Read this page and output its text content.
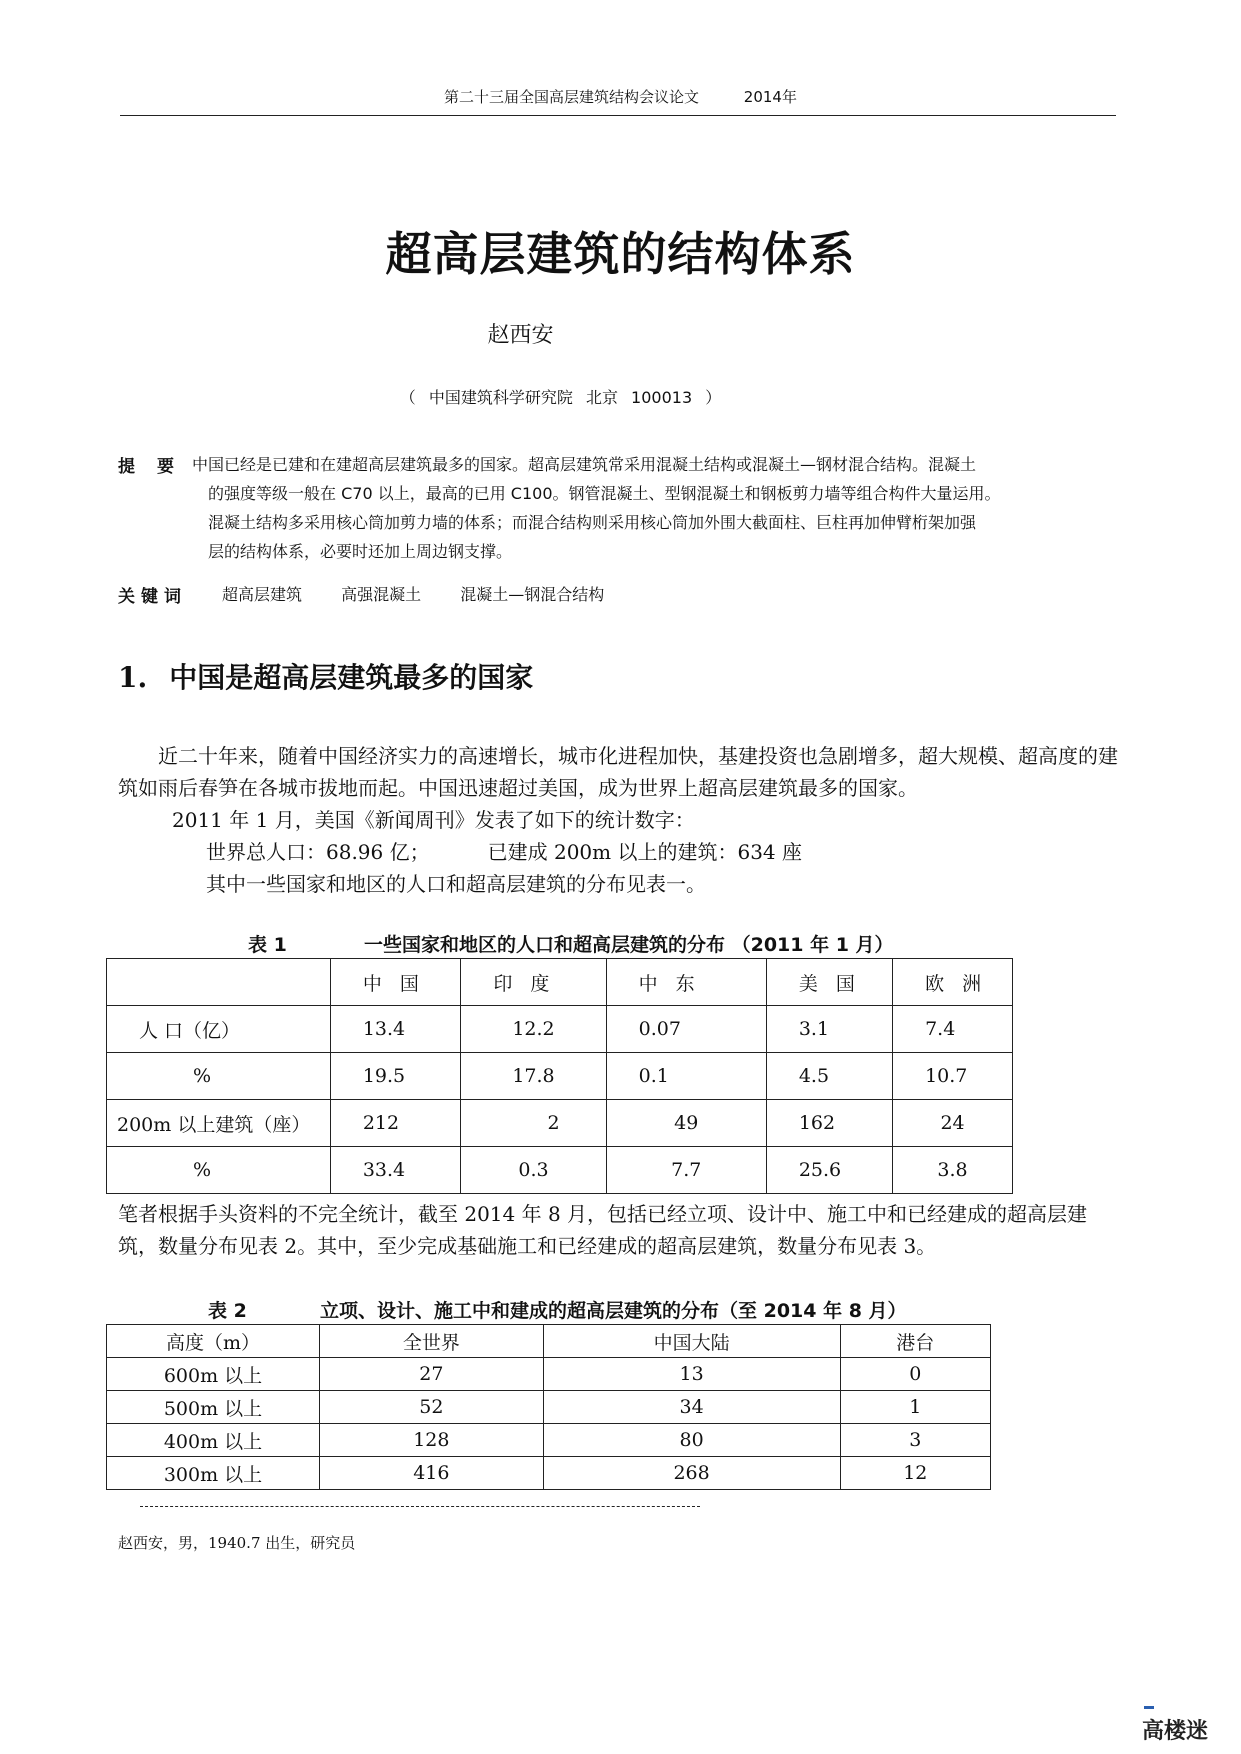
第二十三届全国高层建筑结构会议论文	2014年
超高层建筑的结构体系
赵西安
（ 中国建筑科学研究院 北京 100013 ）
提要

中国已经是已建和在建超高层建筑最多的国家。超高层建筑常采用混凝土结构或混凝土—钢材混合结构。混凝土

的强度等级一般在 C70 以上，最高的已用 C100。钢管混凝土、型钢混凝土和钢板剪力墙等组合构件大量运用。

混凝土结构多采用核心筒加剪力墙的体系；而混合结构则采用核心筒加外围大截面柱、巨柱再加伸臂桁架加强

层的结构体系，必要时还加上周边钢支撑。

关键词 超高层建筑 高强混凝土 混凝土—钢混合结构
1. 中国是超高层建筑最多的国家
近二十年来，随着中国经济实力的高速增长，城市化进程加快，基建投资也急剧增多，超大规模、超高度的建筑如雨后春笋在各城市拔地而起。中国迅速超过美国，成为世界上超高层建筑最多的国家。
2011 年 1 月，美国《新闻周刊》发表了如下的统计数字：
世界总人口：68.96 亿；	已建成 200m 以上的建筑：634 座
其中一些国家和地区的人口和超高层建筑的分布见表一。
表 1	一些国家和地区的人口和超高层建筑的分布 （2011 年 1 月）
	中国	印度	中东	美国	欧洲
人 口（亿）	13.4	12.2	0.07	3.1	7.4
%	19.5	17.8	0.1	4.5	10.7
200m 以上建筑（座）	212	2	49	162	24
%	33.4	0.3	7.7	25.6	3.8
笔者根据手头资料的不完全统计，截至 2014 年 8 月，包括已经立项、设计中、施工中和已经建成的超高层建筑，数量分布见表 2。其中，至少完成基础施工和已经建成的超高层建筑，数量分布见表 3。
表 2	立项、设计、施工中和建成的超高层建筑的分布（至 2014 年 8 月）
高度（m）	全世界	中国大陆	港台
600m 以上	27	13	0
500m 以上	52	34	1
400m 以上	128	80	3
300m 以上	416	268	12
赵西安，男，1940.7 出生，研究员
高楼迷
